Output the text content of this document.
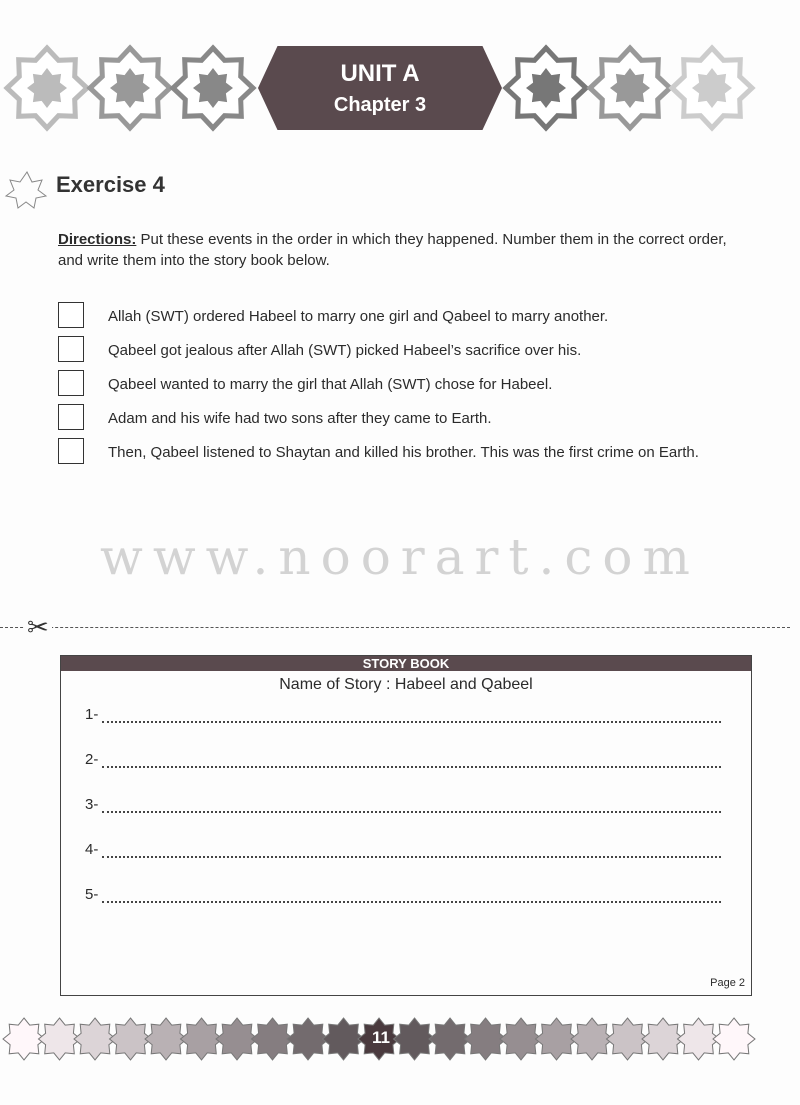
UNIT A
Chapter 3
Exercise 4
Directions: Put these events in the order in which they happened. Number them in the correct order, and write them into the story book below.
Allah (SWT) ordered Habeel to marry one girl and Qabeel to marry another.
Qabeel got jealous after Allah (SWT) picked Habeel’s sacrifice over his.
Qabeel wanted to marry the girl that Allah (SWT) chose for Habeel.
Adam and his wife had two sons after they came to Earth.
Then, Qabeel listened to Shaytan and killed his brother. This was the first crime on Earth.
www.noorart.com
✂
STORY BOOK
Name of Story : Habeel and Qabeel
1-
2-
3-
4-
5-
Page 2
11
